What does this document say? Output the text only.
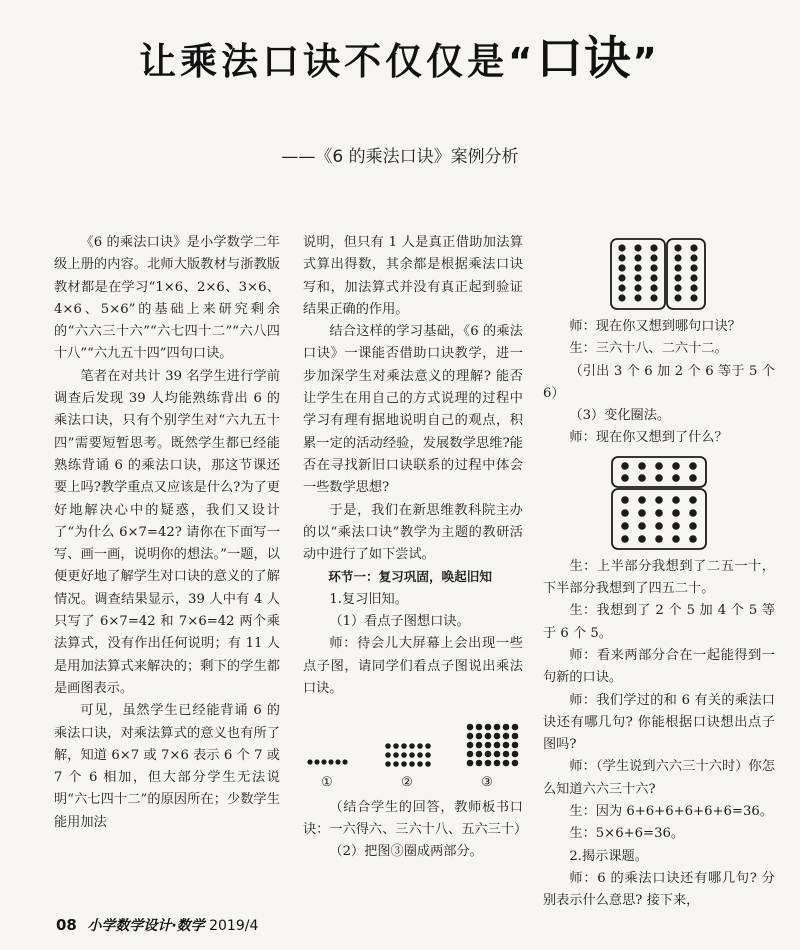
让乘法口诀不仅仅是“口诀”
——《6 的乘法口诀》案例分析

《6 的乘法口诀》是小学数学二年级上册的内容。北师大版教材与浙教版教材都是在学习“1×6、2×6、3×6、4×6、5×6”的基础上来研究剩余的“六六三十六”“六七四十二”“六八四十八”“六九五十四”四句口诀。

笔者在对共计 39 名学生进行学前调查后发现 39 人均能熟练背出 6 的乘法口诀，只有个别学生对“六九五十四”需要短暂思考。既然学生都已经能熟练背诵 6 的乘法口诀，那这节课还要上吗?教学重点又应该是什么?为了更好地解决心中的疑惑，我们又设计了“为什么 6×7=42? 请你在下面写一写、画一画，说明你的想法。”一题，以便更好地了解学生对口诀的意义的了解情况。调查结果显示，39 人中有 4 人只写了 6×7=42 和 7×6=42 两个乘法算式，没有作出任何说明；有 11 人是用加法算式来解决的；剩下的学生都是画图表示。

可见，虽然学生已经能背诵 6 的乘法口诀，对乘法算式的意义也有所了解，知道 6×7 或 7×6 表示 6 个 7 或 7 个 6 相加，但大部分学生无法说明“六七四十二”的原因所在；少数学生能用加法

说明，但只有 1 人是真正借助加法算式算出得数，其余都是根据乘法口诀写和，加法算式并没有真正起到验证结果正确的作用。

结合这样的学习基础，《6 的乘法口诀》一课能否借助口诀教学，进一步加深学生对乘法意义的理解? 能否让学生在用自己的方式说理的过程中学习有理有据地说明自己的观点，积累一定的活动经验，发展数学思维?能否在寻找新旧口诀联系的过程中体会一些数学思想?

于是，我们在新思维教科院主办的以“乘法口诀”教学为主题的教研活动中进行了如下尝试。

环节一：复习巩固，唤起旧知

1.复习旧知。

（1）看点子图想口诀。

师：待会儿大屏幕上会出现一些点子图，请同学们看点子图说出乘法口诀。

①	②	③

（结合学生的回答，教师板书口诀：一六得六、三六十八、五六三十）

（2）把图③圈成两部分。

师：现在你又想到哪句口诀？

生：三六十八、二六十二。

（引出 3 个 6 加 2 个 6 等于 5 个 6）

（3）变化圈法。

师：现在你又想到了什么？

生：上半部分我想到了二五一十，下半部分我想到了四五二十。

生：我想到了 2 个 5 加 4 个 5 等于 6 个 5。

师：看来两部分合在一起能得到一句新的口诀。

师：我们学过的和 6 有关的乘法口诀还有哪几句? 你能根据口诀想出点子图吗?

师：（学生说到六六三十六时）你怎么知道六六三十六?

生：因为 6+6+6+6+6+6=36。

生：5×6+6=36。

2.揭示课题。

师：6 的乘法口诀还有哪几句? 分别表示什么意思? 接下来，

08 小学数学设计·数学 2019/4
